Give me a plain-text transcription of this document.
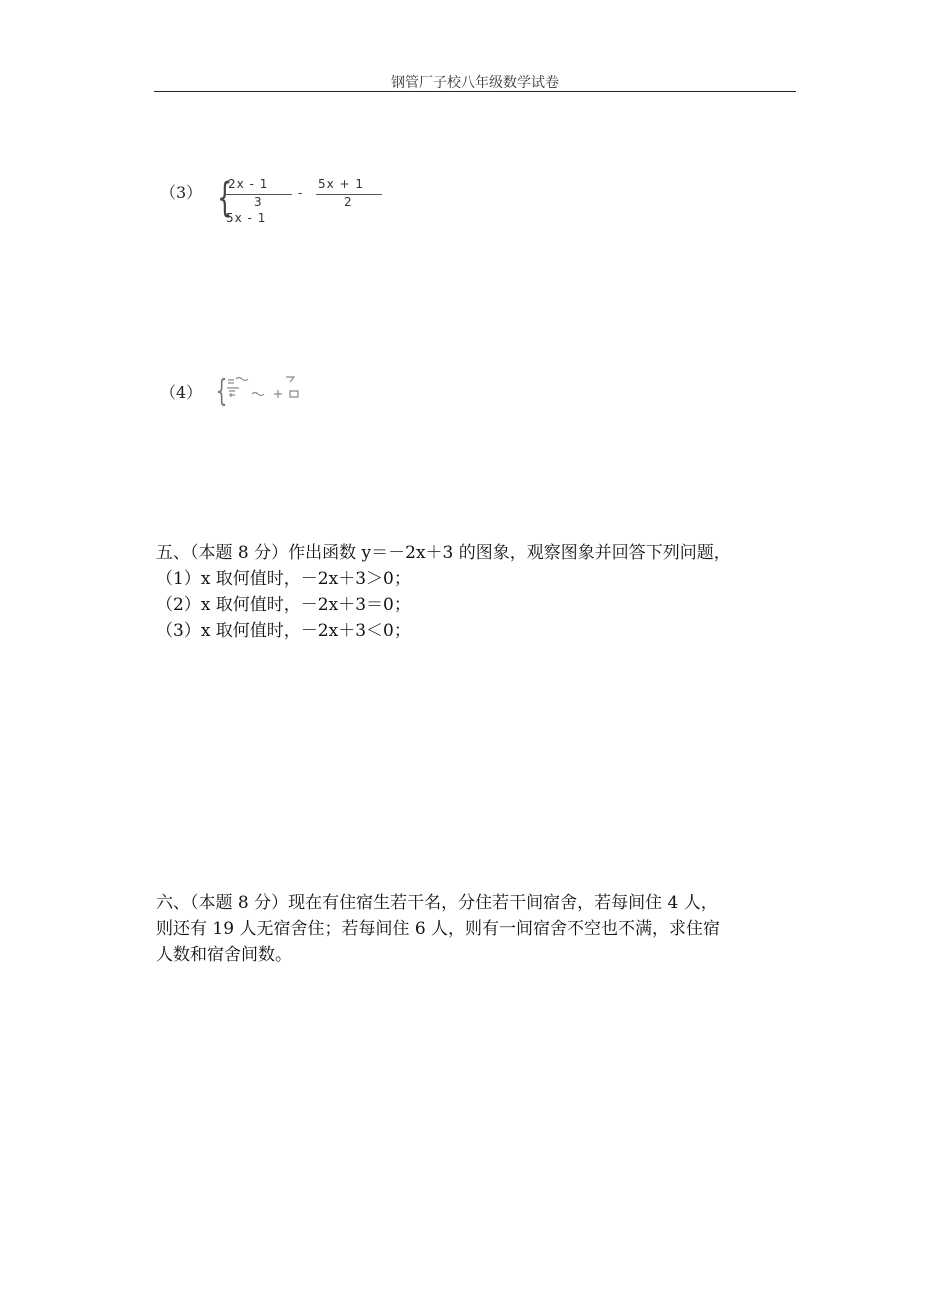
钢管厂子校八年级数学试卷
（3） {
2x - 1
3
-
5x + 1
2
5x - 1
（4） {
五、（本题 8 分）作出函数 y＝－2x＋3 的图象，观察图象并回答下列问题，
（1）x 取何值时，－2x＋3＞0；
（2）x 取何值时，－2x＋3＝0；
（3）x 取何值时，－2x＋3＜0；
六、（本题 8 分）现在有住宿生若干名，分住若干间宿舍，若每间住 4 人，
则还有 19 人无宿舍住；若每间住 6 人，则有一间宿舍不空也不满，求住宿
人数和宿舍间数。
